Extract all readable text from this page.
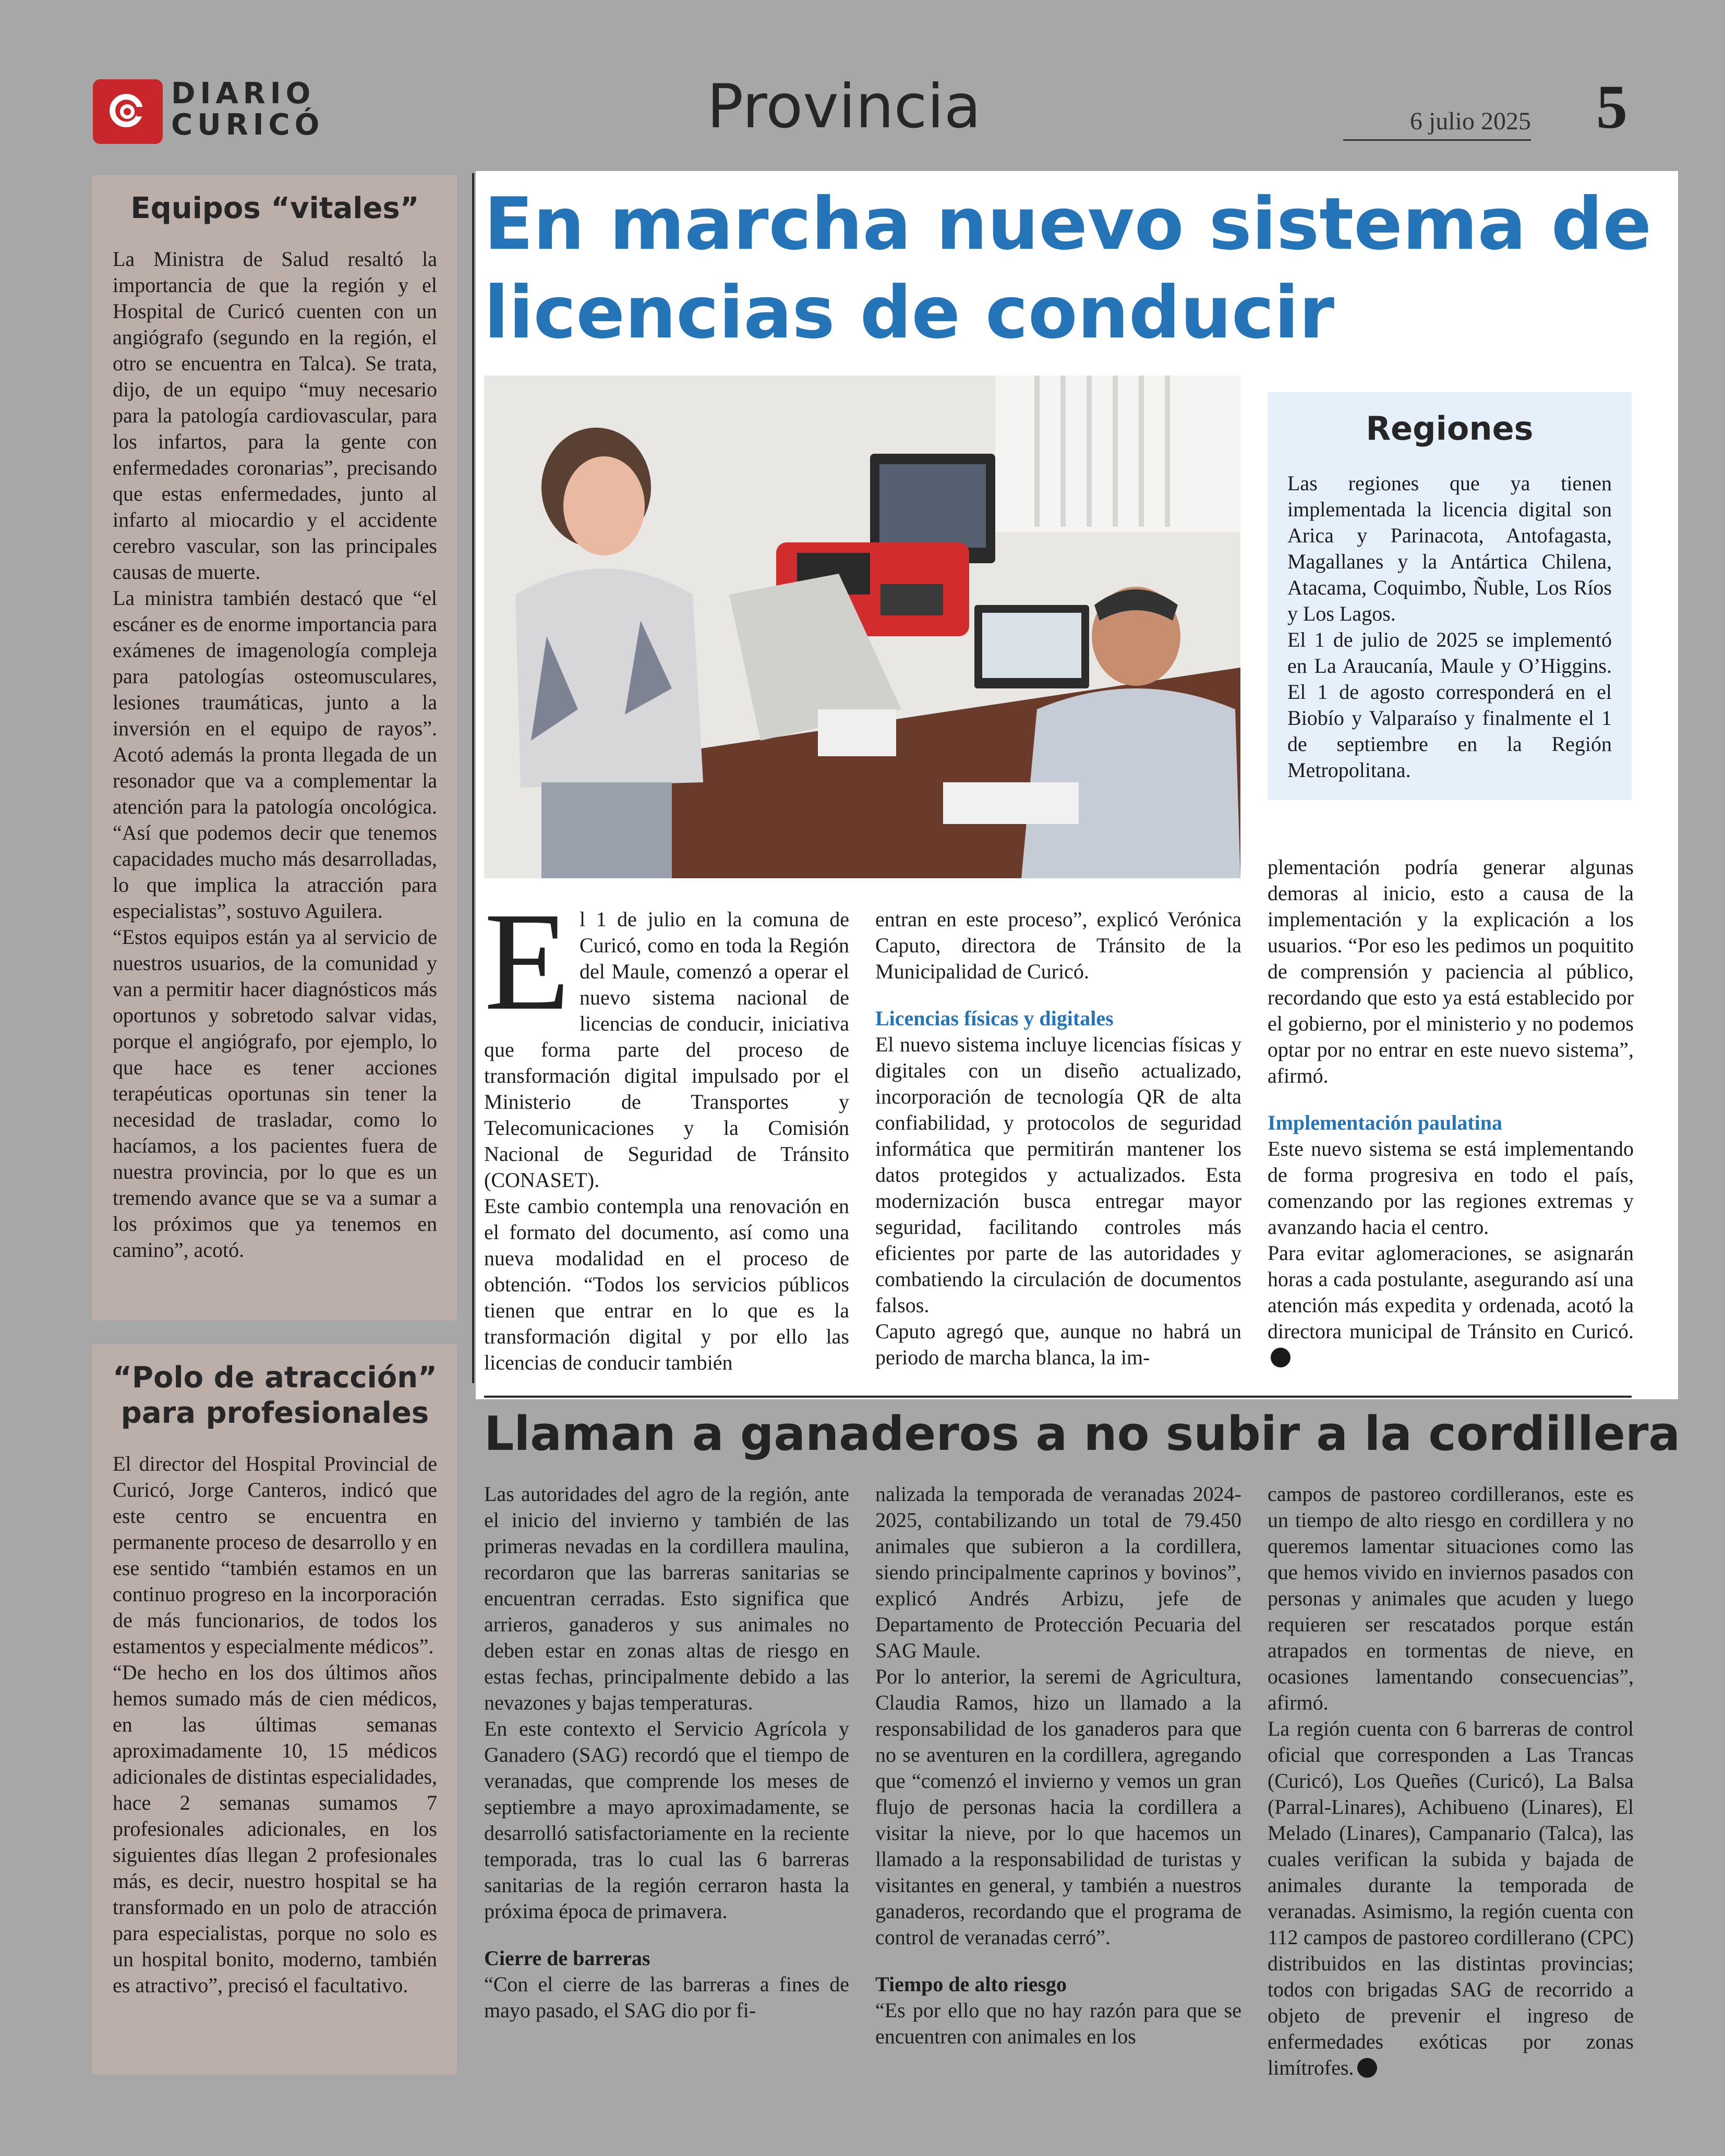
DIARIO
CURICÓ	Provincia	6 julio 2025 5
Equipos “vitales”

La Ministra de Salud resaltó la importancia de que la región y el Hospital de Curicó cuenten con un angiógrafo (segundo en la región, el otro se encuentra en Talca). Se trata, dijo, de un equipo “muy necesario para la patología cardiovascular, para los infartos, para la gente con enfermedades coronarias”, precisando que estas enfermedades, junto al infarto al miocardio y el accidente cerebro vascular, son las principales causas de muerte.

La ministra también destacó que “el escáner es de enorme importancia para exámenes de imagenología compleja para patologías osteomusculares, lesiones traumáticas, junto a la inversión en el equipo de rayos”. Acotó además la pronta llegada de un resonador que va a complementar la atención para la patología oncológica. “Así que podemos decir que tenemos capacidades mucho más desarrolladas, lo que implica la atracción para especialistas”, sostuvo Aguilera.

“Estos equipos están ya al servicio de nuestros usuarios, de la comunidad y van a permitir hacer diagnósticos más oportunos y sobretodo salvar vidas, porque el angiógrafo, por ejemplo, lo que hace es tener acciones terapéuticas oportunas sin tener la necesidad de trasladar, como lo hacíamos, a los pacientes fuera de nuestra provincia, por lo que es un tremendo avance que se va a sumar a los próximos que ya tenemos en camino”, acotó.

“Polo de atracción” para profesionales

El director del Hospital Provincial de Curicó, Jorge Canteros, indicó que este centro se encuentra en permanente proceso de desarrollo y en ese sentido “también estamos en un continuo progreso en la incorporación de más funcionarios, de todos los estamentos y especialmente médicos”.

“De hecho en los dos últimos años hemos sumado más de cien médicos, en las últimas semanas aproximadamente 10, 15 médicos adicionales de distintas especialidades, hace 2 semanas sumamos 7 profesionales adicionales, en los siguientes días llegan 2 profesionales más, es decir, nuestro hospital se ha transformado en un polo de atracción para especialistas, porque no solo es un hospital bonito, moderno, también es atractivo”, precisó el facultativo.

En marcha nuevo sistema de licencias de conducir
Regiones

Las regiones que ya tienen implementada la licencia digital son Arica y Parinacota, Antofagasta, Magallanes y la Antártica Chilena, Atacama, Coquimbo, Ñuble, Los Ríos y Los Lagos.

El 1 de julio de 2025 se implementó en La Araucanía, Maule y O’Higgins. El 1 de agosto corresponderá en el Biobío y Valparaíso y finalmente el 1 de septiembre en la Región Metropolitana.

E l 1 de julio en la comuna de Curicó, como en toda la Región del Maule, comenzó a operar el nuevo sistema nacional de licencias de conducir, iniciativa que forma parte del proceso de transformación digital impulsado por el Ministerio de Transportes y Telecomunicaciones y la Comisión Nacional de Seguridad de Tránsito (CONASET).

Este cambio contempla una renovación en el formato del documento, así como una nueva modalidad en el proceso de obtención. “Todos los servicios públicos tienen que entrar en lo que es la transformación digital y por ello las licencias de conducir también

entran en este proceso”, explicó Verónica Caputo, directora de Tránsito de la Municipalidad de Curicó.

Licencias físicas y digitales

El nuevo sistema incluye licencias físicas y digitales con un diseño actualizado, incorporación de tecnología QR de alta confiabilidad, y protocolos de seguridad informática que permitirán mantener los datos protegidos y actualizados. Esta modernización busca entregar mayor seguridad, facilitando controles más eficientes por parte de las autoridades y combatiendo la circulación de documentos falsos.

Caputo agregó que, aunque no habrá un periodo de marcha blanca, la im-

plementación podría generar algunas demoras al inicio, esto a causa de la implementación y la explicación a los usuarios. “Por eso les pedimos un poquitito de comprensión y paciencia al público, recordando que esto ya está establecido por el gobierno, por el ministerio y no podemos optar por no entrar en este nuevo sistema”, afirmó.

Implementación paulatina

Este nuevo sistema se está implementando de forma progresiva en todo el país, comenzando por las regiones extremas y avanzando hacia el centro.

Para evitar aglomeraciones, se asignarán horas a cada postulante, asegurando así una atención más expedita y ordenada, acotó la directora municipal de Tránsito en Curicó.

Llaman a ganaderos a no subir a la cordillera

Las autoridades del agro de la región, ante el inicio del invierno y también de las primeras nevadas en la cordillera maulina, recordaron que las barreras sanitarias se encuentran cerradas. Esto significa que arrieros, ganaderos y sus animales no deben estar en zonas altas de riesgo en estas fechas, principalmente debido a las nevazones y bajas temperaturas.

En este contexto el Servicio Agrícola y Ganadero (SAG) recordó que el tiempo de veranadas, que comprende los meses de septiembre a mayo aproximadamente, se desarrolló satisfactoriamente en la reciente temporada, tras lo cual las 6 barreras sanitarias de la región cerraron hasta la próxima época de primavera.

Cierre de barreras

“Con el cierre de las barreras a fines de mayo pasado, el SAG dio por fi-

nalizada la temporada de veranadas 2024-2025, contabilizando un total de 79.450 animales que subieron a la cordillera, siendo principalmente caprinos y bovinos”, explicó Andrés Arbizu, jefe de Departamento de Protección Pecuaria del SAG Maule.

Por lo anterior, la seremi de Agricultura, Claudia Ramos, hizo un llamado a la responsabilidad de los ganaderos para que no se aventuren en la cordillera, agregando que “comenzó el invierno y vemos un gran flujo de personas hacia la cordillera a visitar la nieve, por lo que hacemos un llamado a la responsabilidad de turistas y visitantes en general, y también a nuestros ganaderos, recordando que el programa de control de veranadas cerró”.

Tiempo de alto riesgo

“Es por ello que no hay razón para que se encuentren con animales en los

campos de pastoreo cordilleranos, este es un tiempo de alto riesgo en cordillera y no queremos lamentar situaciones como las que hemos vivido en inviernos pasados con personas y animales que acuden y luego requieren ser rescatados porque están atrapados en tormentas de nieve, en ocasiones lamentando consecuencias”, afirmó.

La región cuenta con 6 barreras de control oficial que corresponden a Las Trancas (Curicó), Los Queñes (Curicó), La Balsa (Parral-Linares), Achibueno (Linares), El Melado (Linares), Campanario (Talca), las cuales verifican la subida y bajada de animales durante la temporada de veranadas. Asimismo, la región cuenta con 112 campos de pastoreo cordillerano (CPC) distribuidos en las distintas provincias; todos con brigadas SAG de recorrido a objeto de prevenir el ingreso de enfermedades exóticas por zonas limítrofes.
